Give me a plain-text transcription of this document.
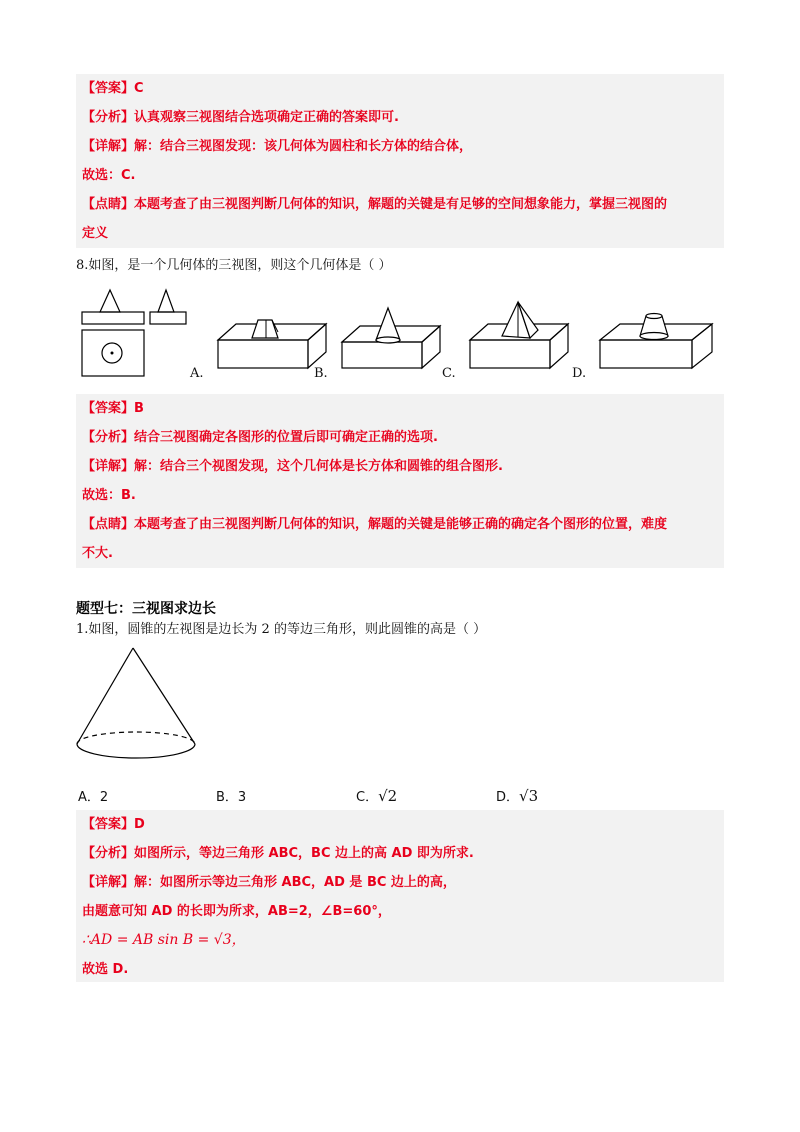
【答案】C
【分析】认真观察三视图结合选项确定正确的答案即可.
【详解】解：结合三视图发现：该几何体为圆柱和长方体的结合体，
故选：C.
【点睛】本题考查了由三视图判断几何体的知识，解题的关键是有足够的空间想象能力，掌握三视图的
定义
8.如图，是一个几何体的三视图，则这个几何体是（ ）
A.	B.	C.	D.
【答案】B
【分析】结合三视图确定各图形的位置后即可确定正确的选项.
【详解】解：结合三个视图发现，这个几何体是长方体和圆锥的组合图形.
故选：B.
【点睛】本题考查了由三视图判断几何体的知识，解题的关键是能够正确的确定各个图形的位置，难度
不大.
题型七：三视图求边长
1.如图，圆锥的左视图是边长为 2 的等边三角形，则此圆锥的高是（ ）
A．2	B．3	C．√2	D．√3
【答案】D
【分析】如图所示，等边三角形 ABC，BC 边上的高 AD 即为所求.
【详解】解：如图所示等边三角形 ABC，AD 是 BC 边上的高，
由题意可知 AD 的长即为所求，AB=2，∠B=60°，
∴AD = AB sin B = √3，
故选 D.
